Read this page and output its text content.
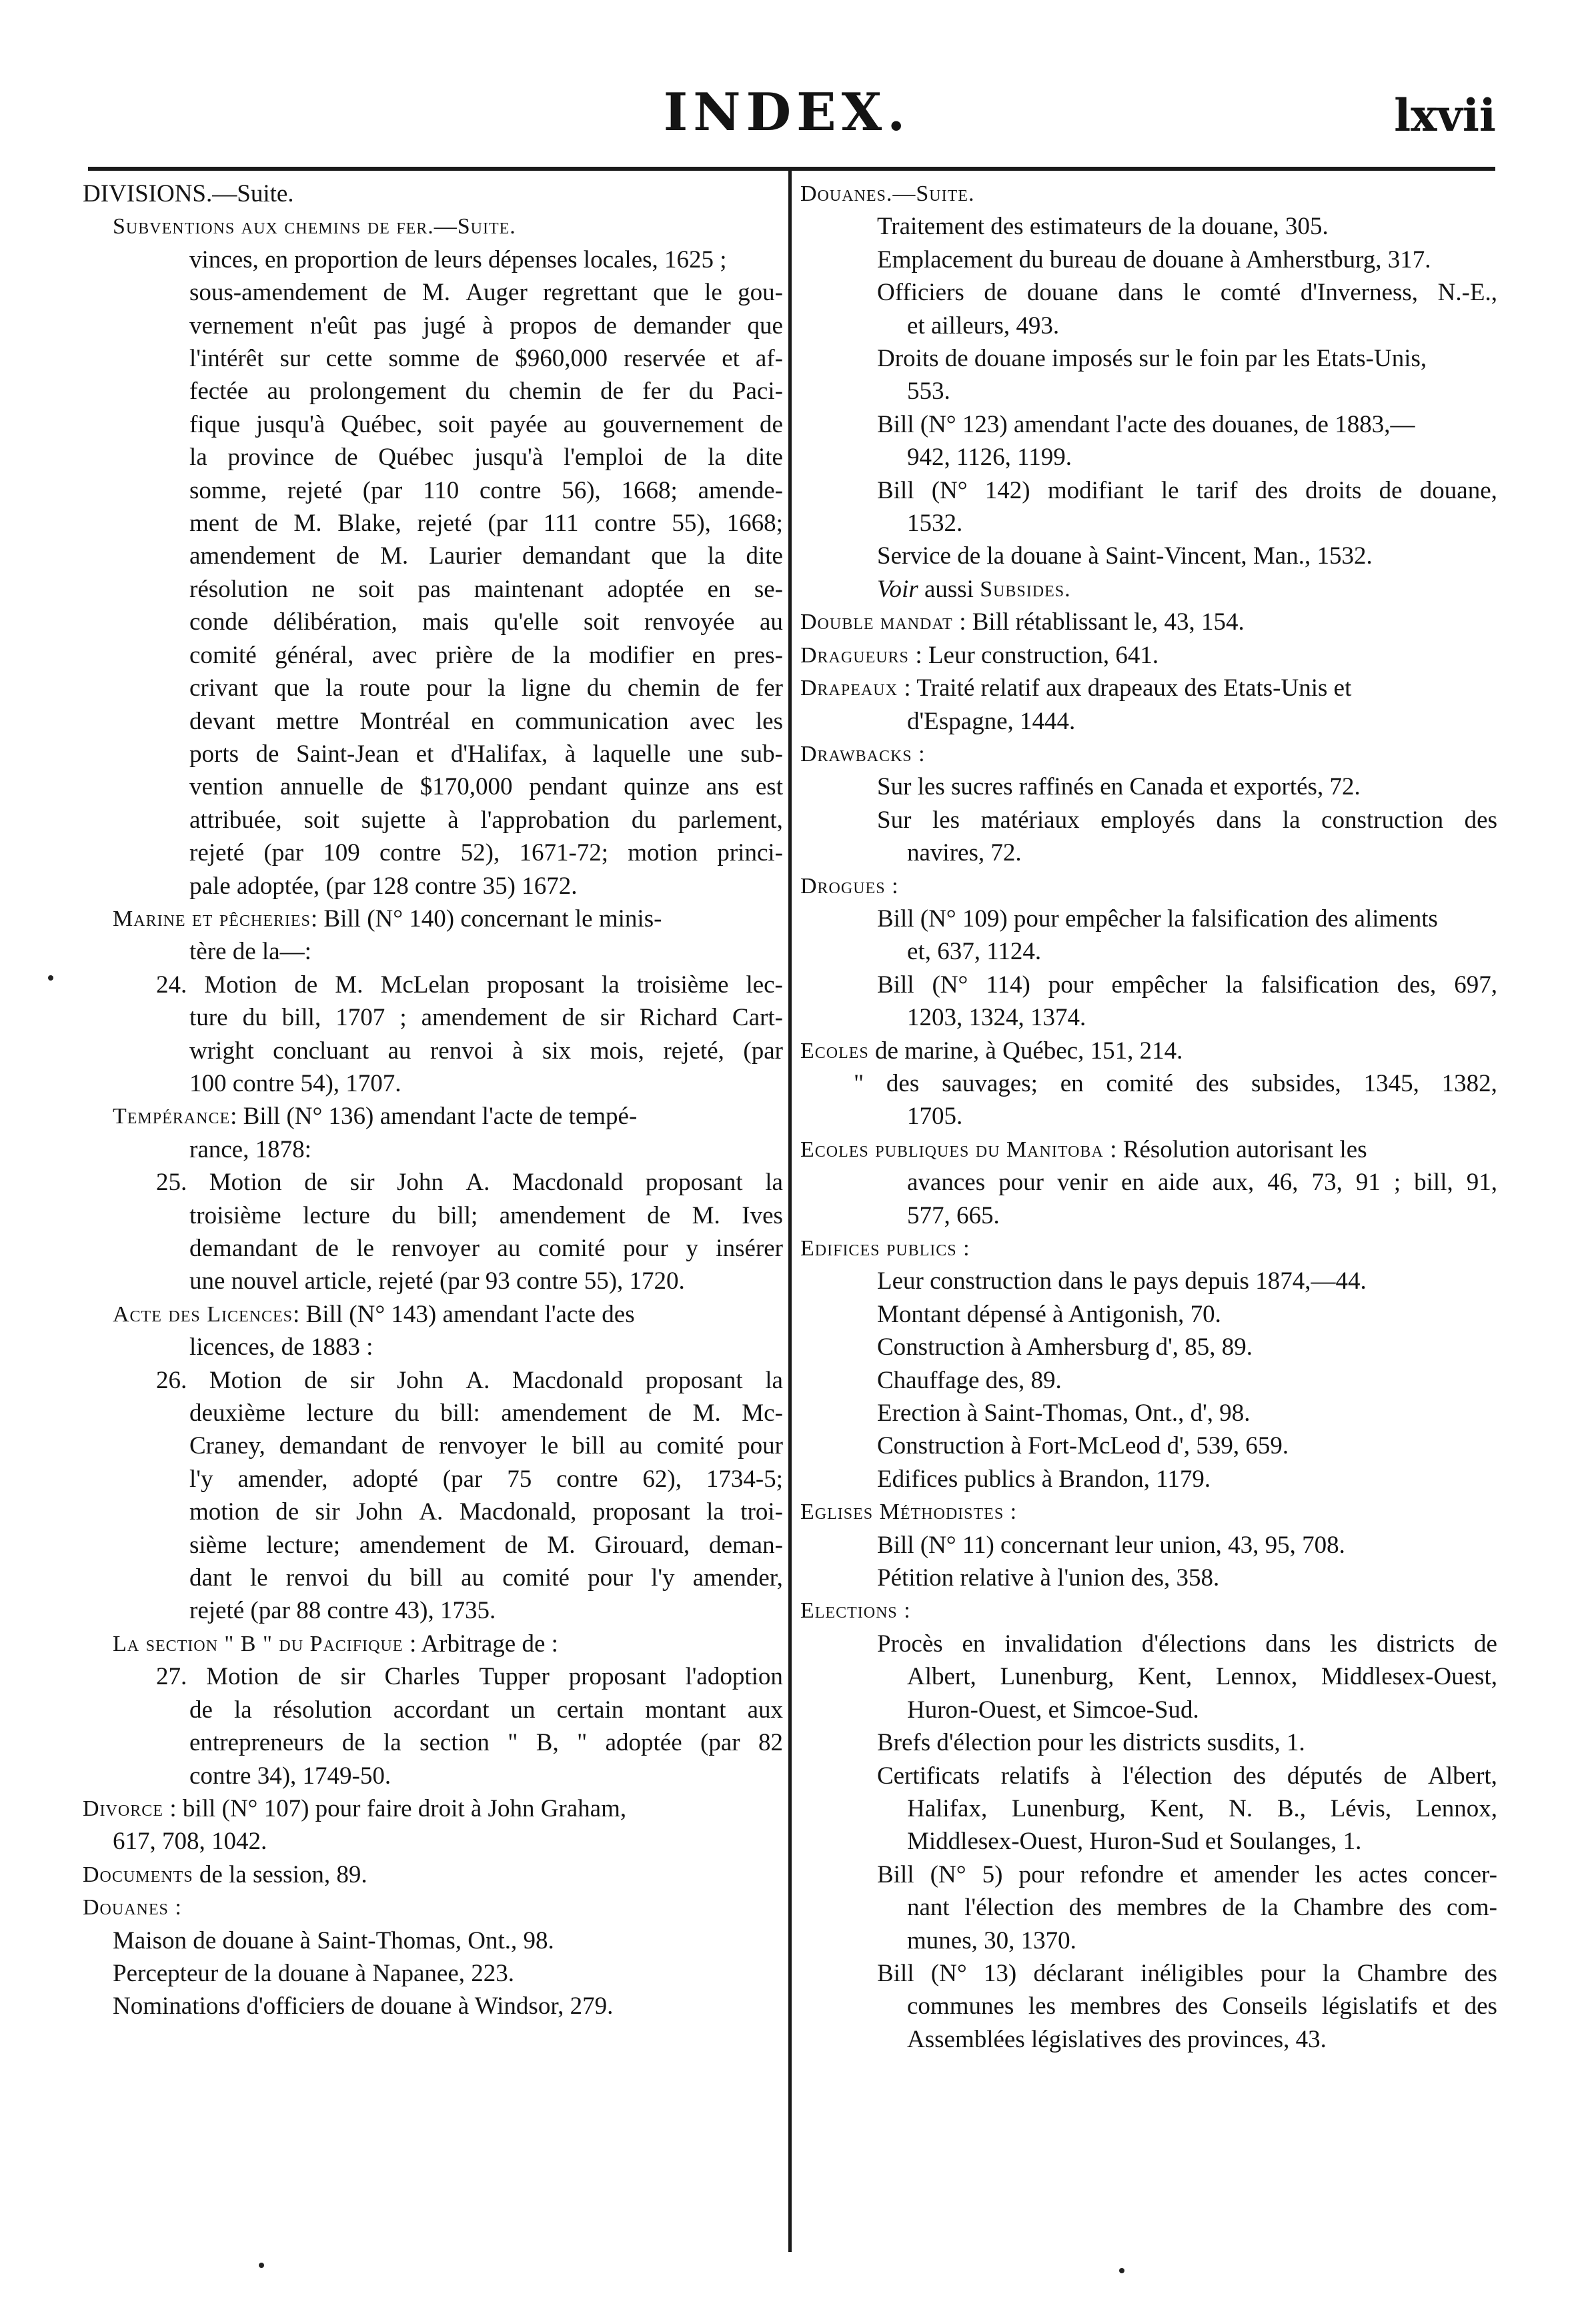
INDEX.	lxvii
DIVISIONS.—Suite.
Subventions aux chemins de fer.—Suite.
vinces, en proportion de leurs dépenses locales, 1625 ;
sous-amendement de M. Auger regrettant que le gou-
vernement n'eût pas jugé à propos de demander que
l'intérêt sur cette somme de $960,000 reservée et af-
fectée au prolongement du chemin de fer du Paci-
fique jusqu'à Québec, soit payée au gouvernement de
la province de Québec jusqu'à l'emploi de la dite
somme, rejeté (par 110 contre 56), 1668; amende-
ment de M. Blake, rejeté (par 111 contre 55), 1668;
amendement de M. Laurier demandant que la dite
résolution ne soit pas maintenant adoptée en se-
conde délibération, mais qu'elle soit renvoyée au
comité général, avec prière de la modifier en pres-
crivant que la route pour la ligne du chemin de fer
devant mettre Montréal en communication avec les
ports de Saint-Jean et d'Halifax, à laquelle une sub-
vention annuelle de $170,000 pendant quinze ans est
attribuée, soit sujette à l'approbation du parlement,
rejeté (par 109 contre 52), 1671-72; motion princi-
pale adoptée, (par 128 contre 35) 1672.
Marine et pêcheries : Bill (N° 140) concernant le minis-
tère de la—:
24. Motion de M. McLelan proposant la troisième lec-
ture du bill, 1707 ; amendement de sir Richard Cart-
wright concluant au renvoi à six mois, rejeté, (par
100 contre 54), 1707.
Tempérance : Bill (N° 136) amendant l'acte de tempé-
rance, 1878:
25. Motion de sir John A. Macdonald proposant la
troisième lecture du bill; amendement de M. Ives
demandant de le renvoyer au comité pour y insérer
une nouvel article, rejeté (par 93 contre 55), 1720.
Acte des Licences : Bill (N° 143) amendant l'acte des
licences, de 1883 :
26. Motion de sir John A. Macdonald proposant la
deuxième lecture du bill: amendement de M. Mc-
Craney, demandant de renvoyer le bill au comité pour
l'y amender, adopté (par 75 contre 62), 1734-5;
motion de sir John A. Macdonald, proposant la troi-
sième lecture; amendement de M. Girouard, deman-
dant le renvoi du bill au comité pour l'y amender,
rejeté (par 88 contre 43), 1735.
La section " B " du Pacifique : Arbitrage de :
27. Motion de sir Charles Tupper proposant l'adoption
de la résolution accordant un certain montant aux
entrepreneurs de la section " B, " adoptée (par 82
contre 34), 1749-50.
Divorce : bill (N° 107) pour faire droit à John Graham,
617, 708, 1042.
Documents de la session, 89.
Douanes :
Maison de douane à Saint-Thomas, Ont., 98.
Percepteur de la douane à Napanee, 223.
Nominations d'officiers de douane à Windsor, 279.
Douanes.—Suite.
Traitement des estimateurs de la douane, 305.
Emplacement du bureau de douane à Amherstburg, 317.
Officiers de douane dans le comté d'Inverness, N.-E.,
et ailleurs, 493.
Droits de douane imposés sur le foin par les Etats-Unis,
553.
Bill (N° 123) amendant l'acte des douanes, de 1883,—
942, 1126, 1199.
Bill (N° 142) modifiant le tarif des droits de douane,
1532.
Service de la douane à Saint-Vincent, Man., 1532.
Voir aussi Subsides.
Double mandat : Bill rétablissant le, 43, 154.
Dragueurs : Leur construction, 641.
Drapeaux : Traité relatif aux drapeaux des Etats-Unis et
d'Espagne, 1444.
Drawbacks :
Sur les sucres raffinés en Canada et exportés, 72.
Sur les matériaux employés dans la construction des
navires, 72.
Drogues :
Bill (N° 109) pour empêcher la falsification des aliments
et, 637, 1124.
Bill (N° 114) pour empêcher la falsification des, 697,
1203, 1324, 1374.
Ecoles de marine, à Québec, 151, 214.
" des sauvages; en comité des subsides, 1345, 1382,
1705.
Ecoles publiques du Manitoba : Résolution autorisant les
avances pour venir en aide aux, 46, 73, 91 ; bill, 91,
577, 665.
Edifices publics :
Leur construction dans le pays depuis 1874,—44.
Montant dépensé à Antigonish, 70.
Construction à Amhersburg d', 85, 89.
Chauffage des, 89.
Erection à Saint-Thomas, Ont., d', 98.
Construction à Fort-McLeod d', 539, 659.
Edifices publics à Brandon, 1179.
Eglises Méthodistes :
Bill (N° 11) concernant leur union, 43, 95, 708.
Pétition relative à l'union des, 358.
Elections :
Procès en invalidation d'élections dans les districts de
Albert, Lunenburg, Kent, Lennox, Middlesex-Ouest,
Huron-Ouest, et Simcoe-Sud.
Brefs d'élection pour les districts susdits, 1.
Certificats relatifs à l'élection des députés de Albert,
Halifax, Lunenburg, Kent, N. B., Lévis, Lennox,
Middlesex-Ouest, Huron-Sud et Soulanges, 1.
Bill (N° 5) pour refondre et amender les actes concer-
nant l'élection des membres de la Chambre des com-
munes, 30, 1370.
Bill (N° 13) déclarant inéligibles pour la Chambre des
communes les membres des Conseils législatifs et des
Assemblées législatives des provinces, 43.
